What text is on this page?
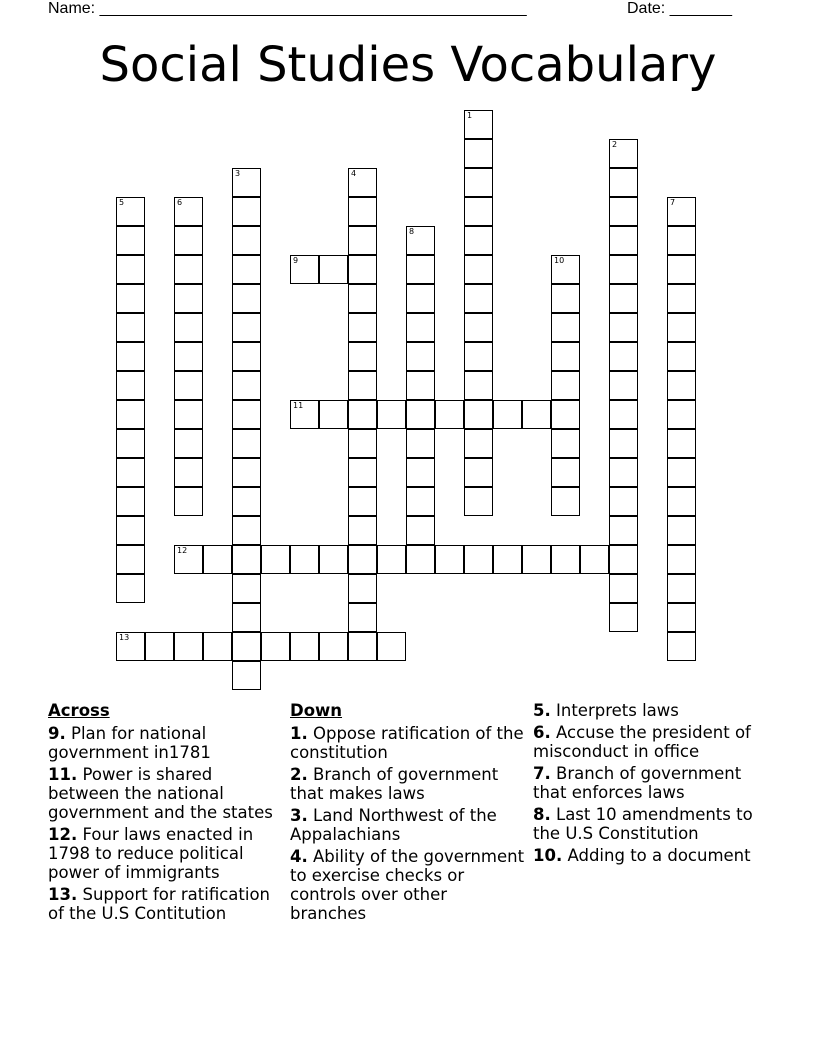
Name: ________________________________________________	Date: _______
Social Studies Vocabulary
1
2
3	4
5	6	7
8
9	10
11
12
13
Across
9. Plan for national government in1781
11. Power is shared between the national government and the states
12. Four laws enacted in 1798 to reduce political power of immigrants
13. Support for ratification of the U.S Contitution
Down
1. Oppose ratification of the constitution
2. Branch of government that makes laws
3. Land Northwest of the Appalachians
4. Ability of the government to exercise checks or controls over other branches
5. Interprets laws
6. Accuse the president of misconduct in office
7. Branch of government that enforces laws
8. Last 10 amendments to the U.S Constitution
10. Adding to a document
